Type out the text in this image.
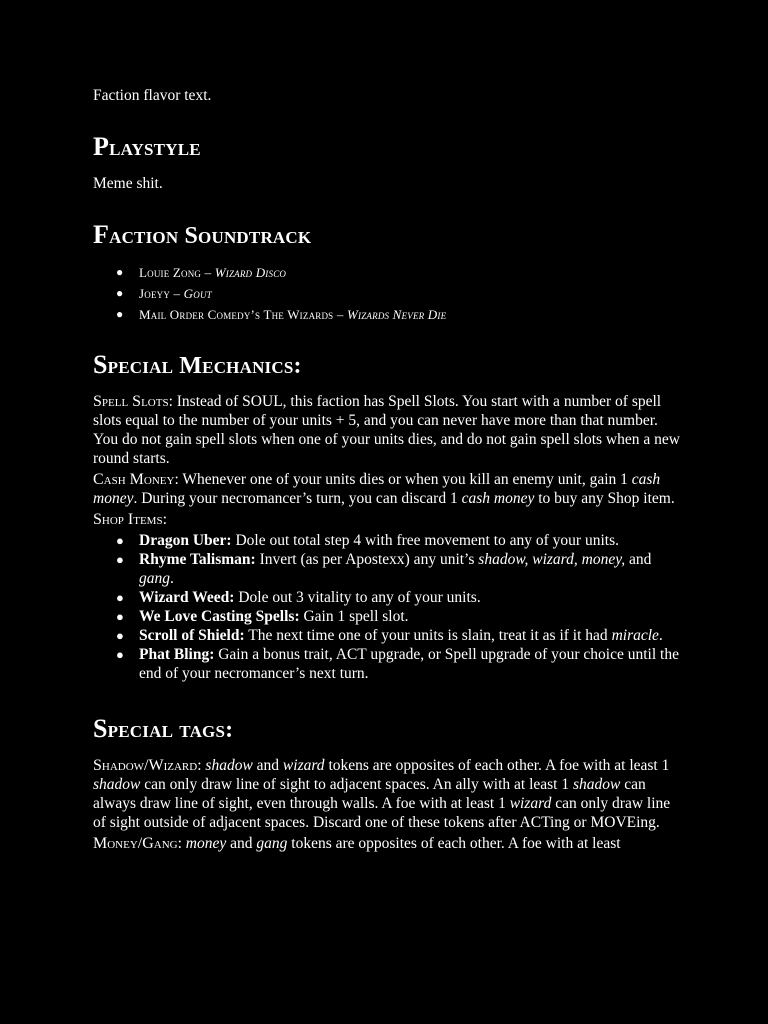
Faction flavor text.

Playstyle

Meme shit.

Faction Soundtrack
● Louie Zong – Wizard Disco
● Joeyy – Gout
● Mail Order Comedy’s The Wizards – Wizards Never Die
Special Mechanics:

Spell Slots: Instead of SOUL, this faction has Spell Slots. You start with a number of spell slots equal to the number of your units + 5, and you can never have more than that number. You do not gain spell slots when one of your units dies, and do not gain spell slots when a new round starts.

Cash Money: Whenever one of your units dies or when you kill an enemy unit, gain 1 cash money. During your necromancer’s turn, you can discard 1 cash money to buy any Shop item.

Shop Items:

● Dragon Uber: Dole out total step 4 with free movement to any of your units.
● Rhyme Talisman: Invert (as per Apostexx) any unit’s shadow, wizard, money, and gang.
● Wizard Weed: Dole out 3 vitality to any of your units.
● We Love Casting Spells: Gain 1 spell slot.
● Scroll of Shield: The next time one of your units is slain, treat it as if it had miracle.
● Phat Bling: Gain a bonus trait, ACT upgrade, or Spell upgrade of your choice until the end of your necromancer’s next turn.
Special tags:

Shadow/Wizard: shadow and wizard tokens are opposites of each other. A foe with at least 1 shadow can only draw line of sight to adjacent spaces. An ally with at least 1 shadow can always draw line of sight, even through walls. A foe with at least 1 wizard can only draw line of sight outside of adjacent spaces. Discard one of these tokens after ACTing or MOVEing.

Money/Gang: money and gang tokens are opposites of each other. A foe with at least
